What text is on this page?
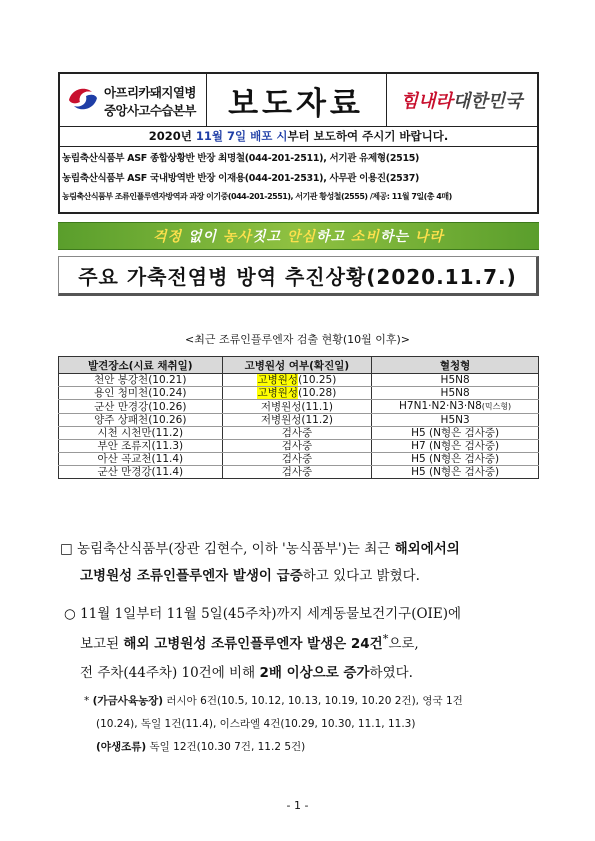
아프리카돼지열병
중앙사고수습본부 보도자료 힘내라대한민국
2020년 11월 7일 배포 시부터 보도하여 주시기 바랍니다.
농림축산식품부 ASF 종합상황반 반장 최명철(044-201-2511), 서기관 유제형(2515)
농림축산식품부 ASF 국내방역반 반장 이재용(044-201-2531), 사무관 이용진(2537)
농림축산식품부 조류인플루엔자방역과 과장 이기중(044-201-2551), 서기관 황성철(2555) /제공: 11월 7일(총 4매)
걱정 없이 농사짓고 안심하고 소비하는 나라
주요 가축전염병 방역 추진상황(2020.11.7.)
<최근 조류인플루엔자 검출 현황(10월 이후)>
발견장소(시료 채취일)	고병원성 여부(확진일)	혈청형
천안 봉강천(10.21)	고병원성(10.25)	H5N8
용인 청미천(10.24)	고병원성(10.28)	H5N8
군산 만경강(10.26)	저병원성(11.1)	H7N1·N2·N3·N8(믹스형)
양주 상패천(10.26)	저병원성(11.2)	H5N3
시천 시천만(11.2)	검사중	H5 (N형은 검사중)
부안 조류지(11.3)	검사중	H7 (N형은 검사중)
아산 곡교천(11.4)	검사중	H5 (N형은 검사중)
군산 만경강(11.4)	검사중	H5 (N형은 검사중)
□ 농림축산식품부(장관 김현수, 이하 '농식품부')는 최근 해외에서의
고병원성 조류인플루엔자 발생이 급증하고 있다고 밝혔다.
○ 11월 1일부터 11월 5일(45주차)까지 세계동물보건기구(OIE)에
보고된 해외 고병원성 조류인플루엔자 발생은 24건*으로,
전 주차(44주차) 10건에 비해 2배 이상으로 증가하였다.
* (가금사육농장) 러시아 6건(10.5, 10.12, 10.13, 10.19, 10.20 2건), 영국 1건
(10.24), 독일 1건(11.4), 이스라엘 4건(10.29, 10.30, 11.1, 11.3)
(야생조류) 독일 12건(10.30 7건, 11.2 5건)
- 1 -
